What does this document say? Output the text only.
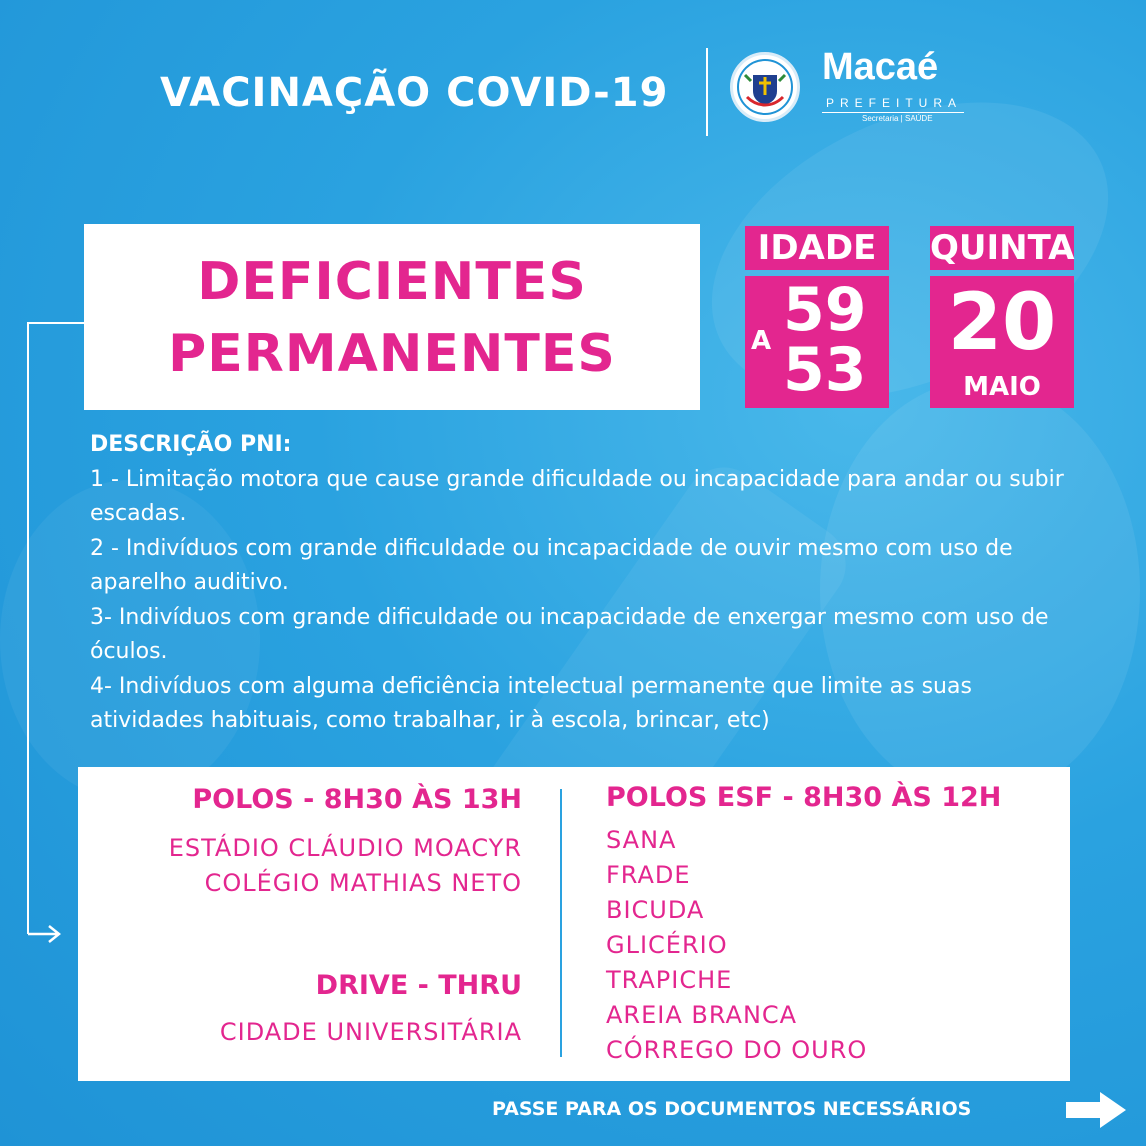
VACINAÇÃO COVID-19
Macaé
PREFEITURA
Secretaria | SAÚDE
DEFICIENTES
PERMANENTES
IDADE
59
A 53
QUINTA
20
MAIO
DESCRIÇÃO PNI:
1 - Limitação motora que cause grande dificuldade ou incapacidade para andar ou subir escadas.
2 - Indivíduos com grande dificuldade ou incapacidade de ouvir mesmo com uso de aparelho auditivo.
3- Indivíduos com grande dificuldade ou incapacidade de enxergar mesmo com uso de óculos.
4- Indivíduos com alguma deficiência intelectual permanente que limite as suas atividades habituais, como trabalhar, ir à escola, brincar, etc)
POLOS - 8H30 ÀS 13H
ESTÁDIO CLÁUDIO MOACYR
COLÉGIO MATHIAS NETO
DRIVE - THRU
CIDADE UNIVERSITÁRIA
POLOS ESF - 8H30 ÀS 12H
SANA
FRADE
BICUDA
GLICÉRIO
TRAPICHE
AREIA BRANCA
CÓRREGO DO OURO
PASSE PARA OS DOCUMENTOS NECESSÁRIOS
